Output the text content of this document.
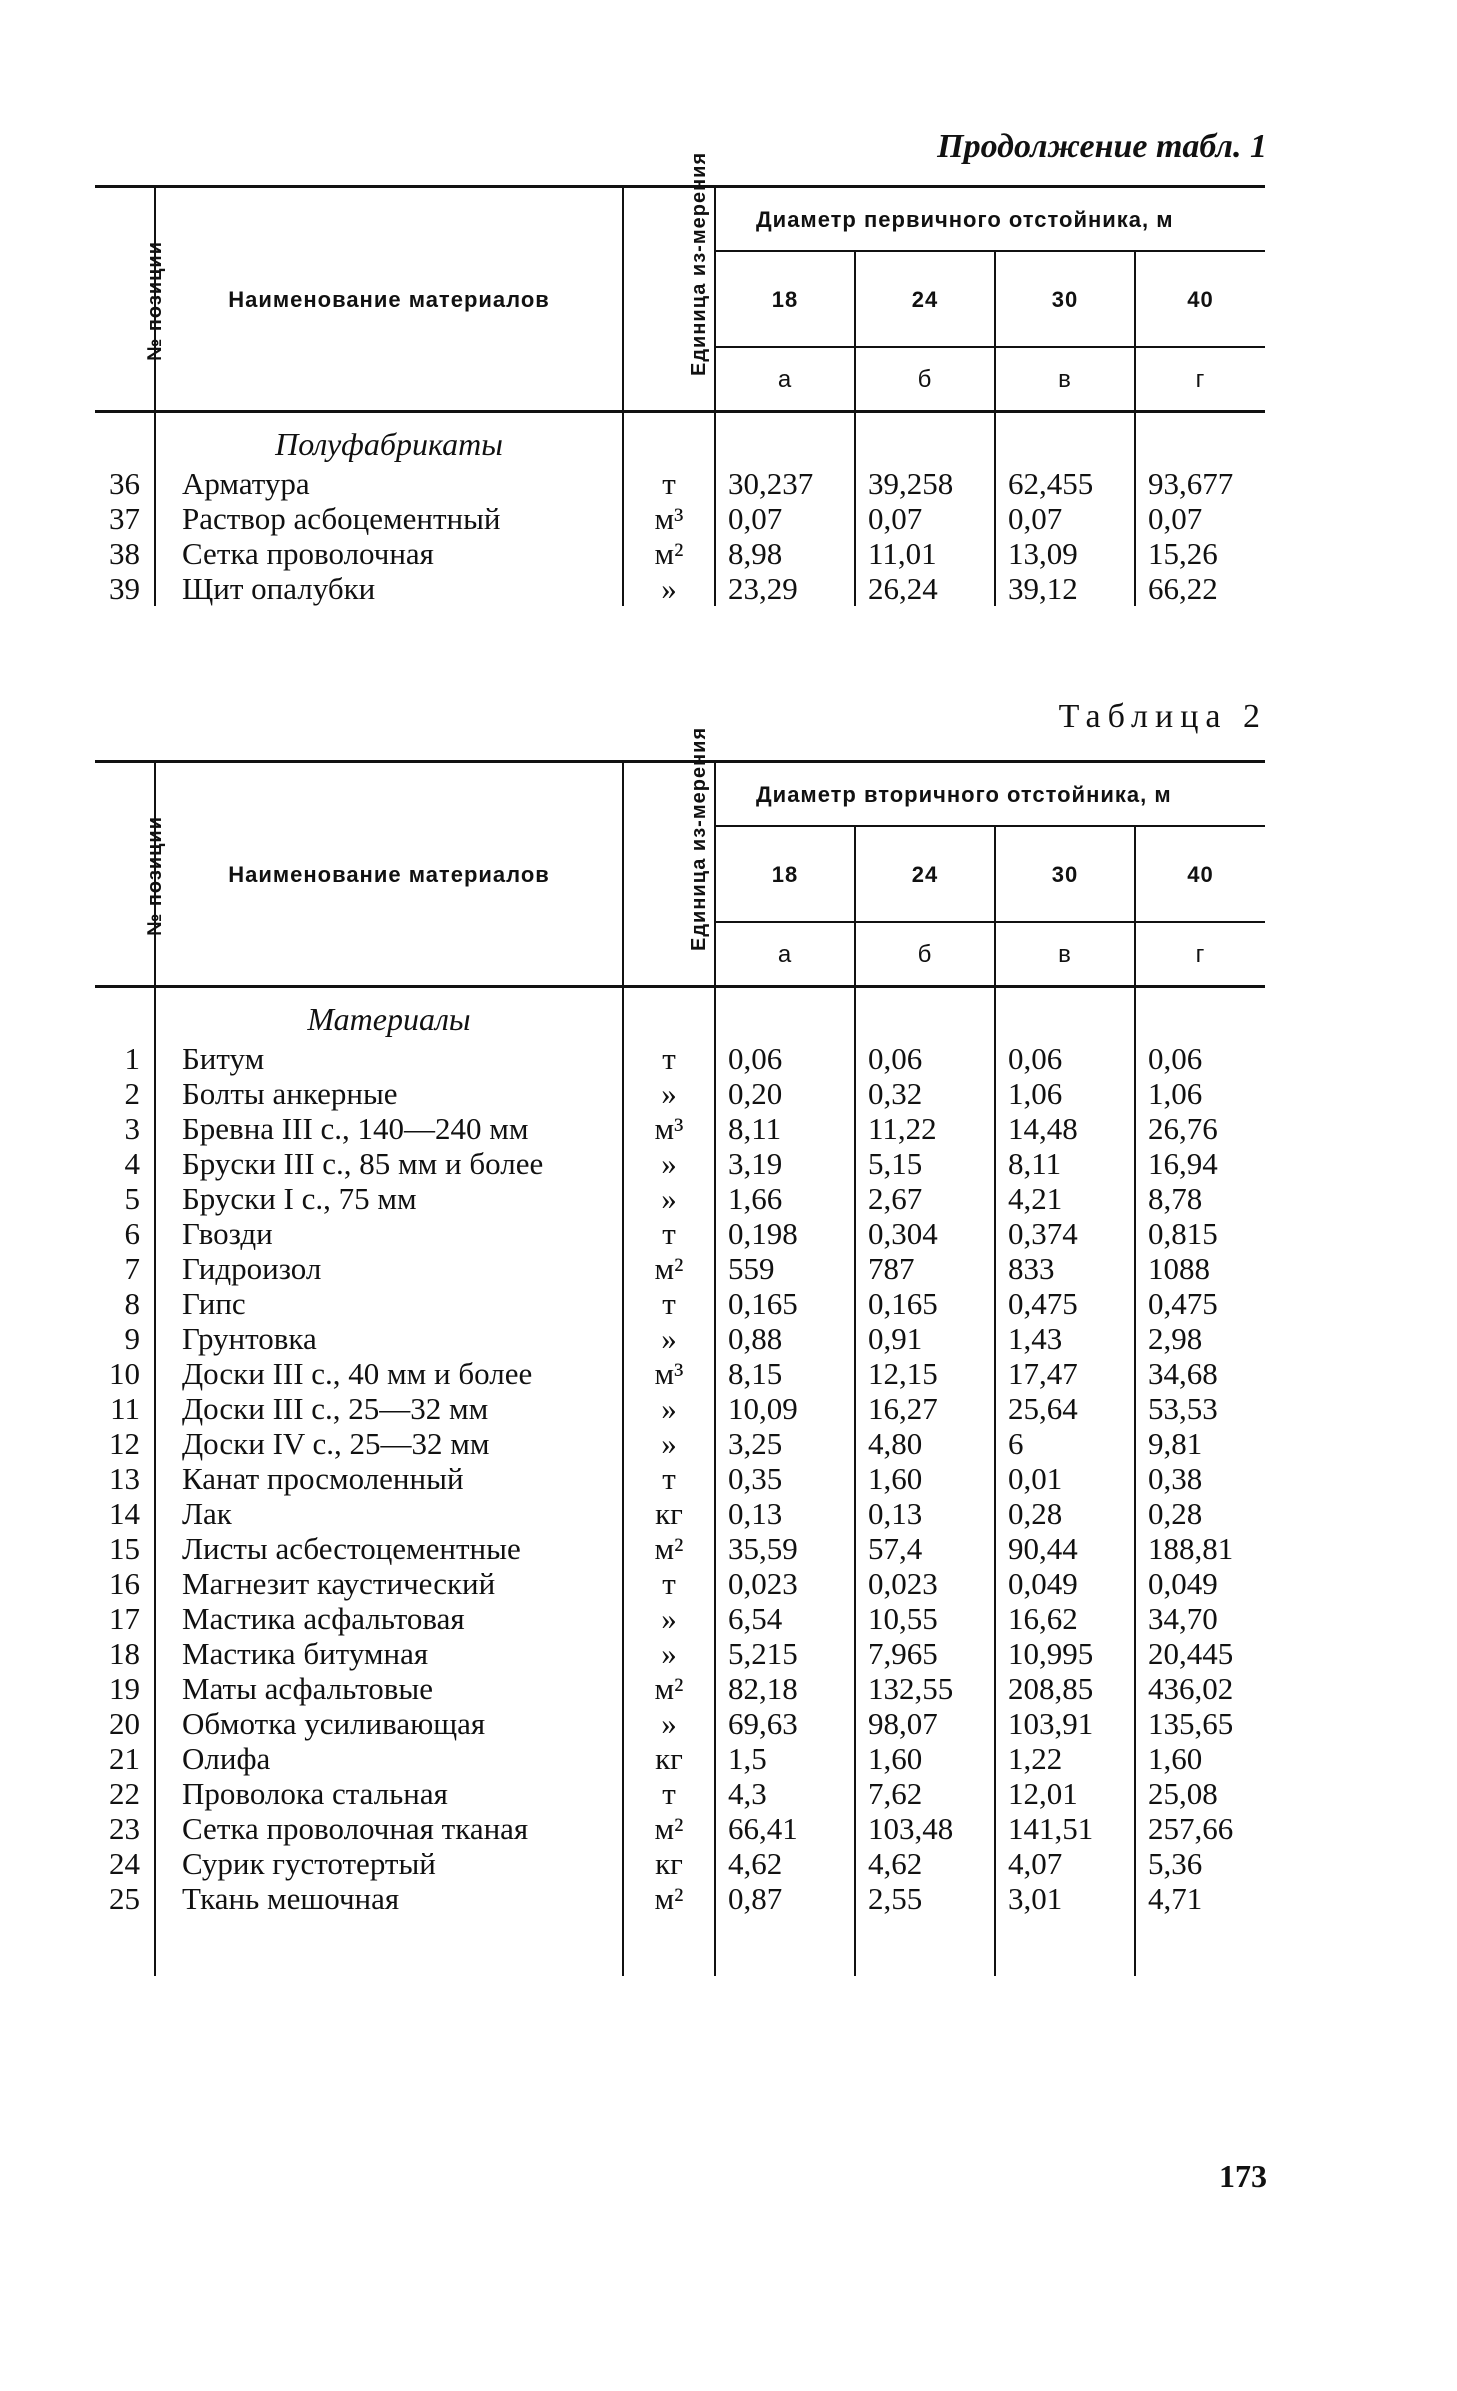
Продолжение табл. 1
№ позиции	Наименование материалов	Единица из-мерения	Диаметр первичного отстойника, м			
			18	24	30	40
			а	б	в	г
	Полуфабрикаты					
36	Арматура	т	30,237	39,258	62,455	93,677
37	Раствор асбоцементный	м³	0,07	0,07	0,07	0,07
38	Сетка проволочная	м²	8,98	11,01	13,09	15,26
39	Щит опалубки	»	23,29	26,24	39,12	66,22
Таблица 2
№ позиции	Наименование материалов	Единица из-мерения	Диаметр вторичного отстойника, м			
			18	24	30	40
			а	б	в	г
	Материалы					
1	Битум	т	0,06	0,06	0,06	0,06
2	Болты анкерные	»	0,20	0,32	1,06	1,06
3	Бревна III с., 140—240 мм	м³	8,11	11,22	14,48	26,76
4	Бруски III с., 85 мм и более	»	3,19	5,15	8,11	16,94
5	Бруски I с., 75 мм	»	1,66	2,67	4,21	8,78
6	Гвозди	т	0,198	0,304	0,374	0,815
7	Гидроизол	м²	559	787	833	1088
8	Гипс	т	0,165	0,165	0,475	0,475
9	Грунтовка	»	0,88	0,91	1,43	2,98
10	Доски III с., 40 мм и более	м³	8,15	12,15	17,47	34,68
11	Доски III с., 25—32 мм	»	10,09	16,27	25,64	53,53
12	Доски IV с., 25—32 мм	»	3,25	4,80	6	9,81
13	Канат просмоленный	т	0,35	1,60	0,01	0,38
14	Лак	кг	0,13	0,13	0,28	0,28
15	Листы асбестоцементные	м²	35,59	57,4	90,44	188,81
16	Магнезит каустический	т	0,023	0,023	0,049	0,049
17	Мастика асфальтовая	»	6,54	10,55	16,62	34,70
18	Мастика битумная	»	5,215	7,965	10,995	20,445
19	Маты асфальтовые	м²	82,18	132,55	208,85	436,02
20	Обмотка усиливающая	»	69,63	98,07	103,91	135,65
21	Олифа	кг	1,5	1,60	1,22	1,60
22	Проволока стальная	т	4,3	7,62	12,01	25,08
23	Сетка проволочная тканая	м²	66,41	103,48	141,51	257,66
24	Сурик густотертый	кг	4,62	4,62	4,07	5,36
25	Ткань мешочная	м²	0,87	2,55	3,01	4,71

173
